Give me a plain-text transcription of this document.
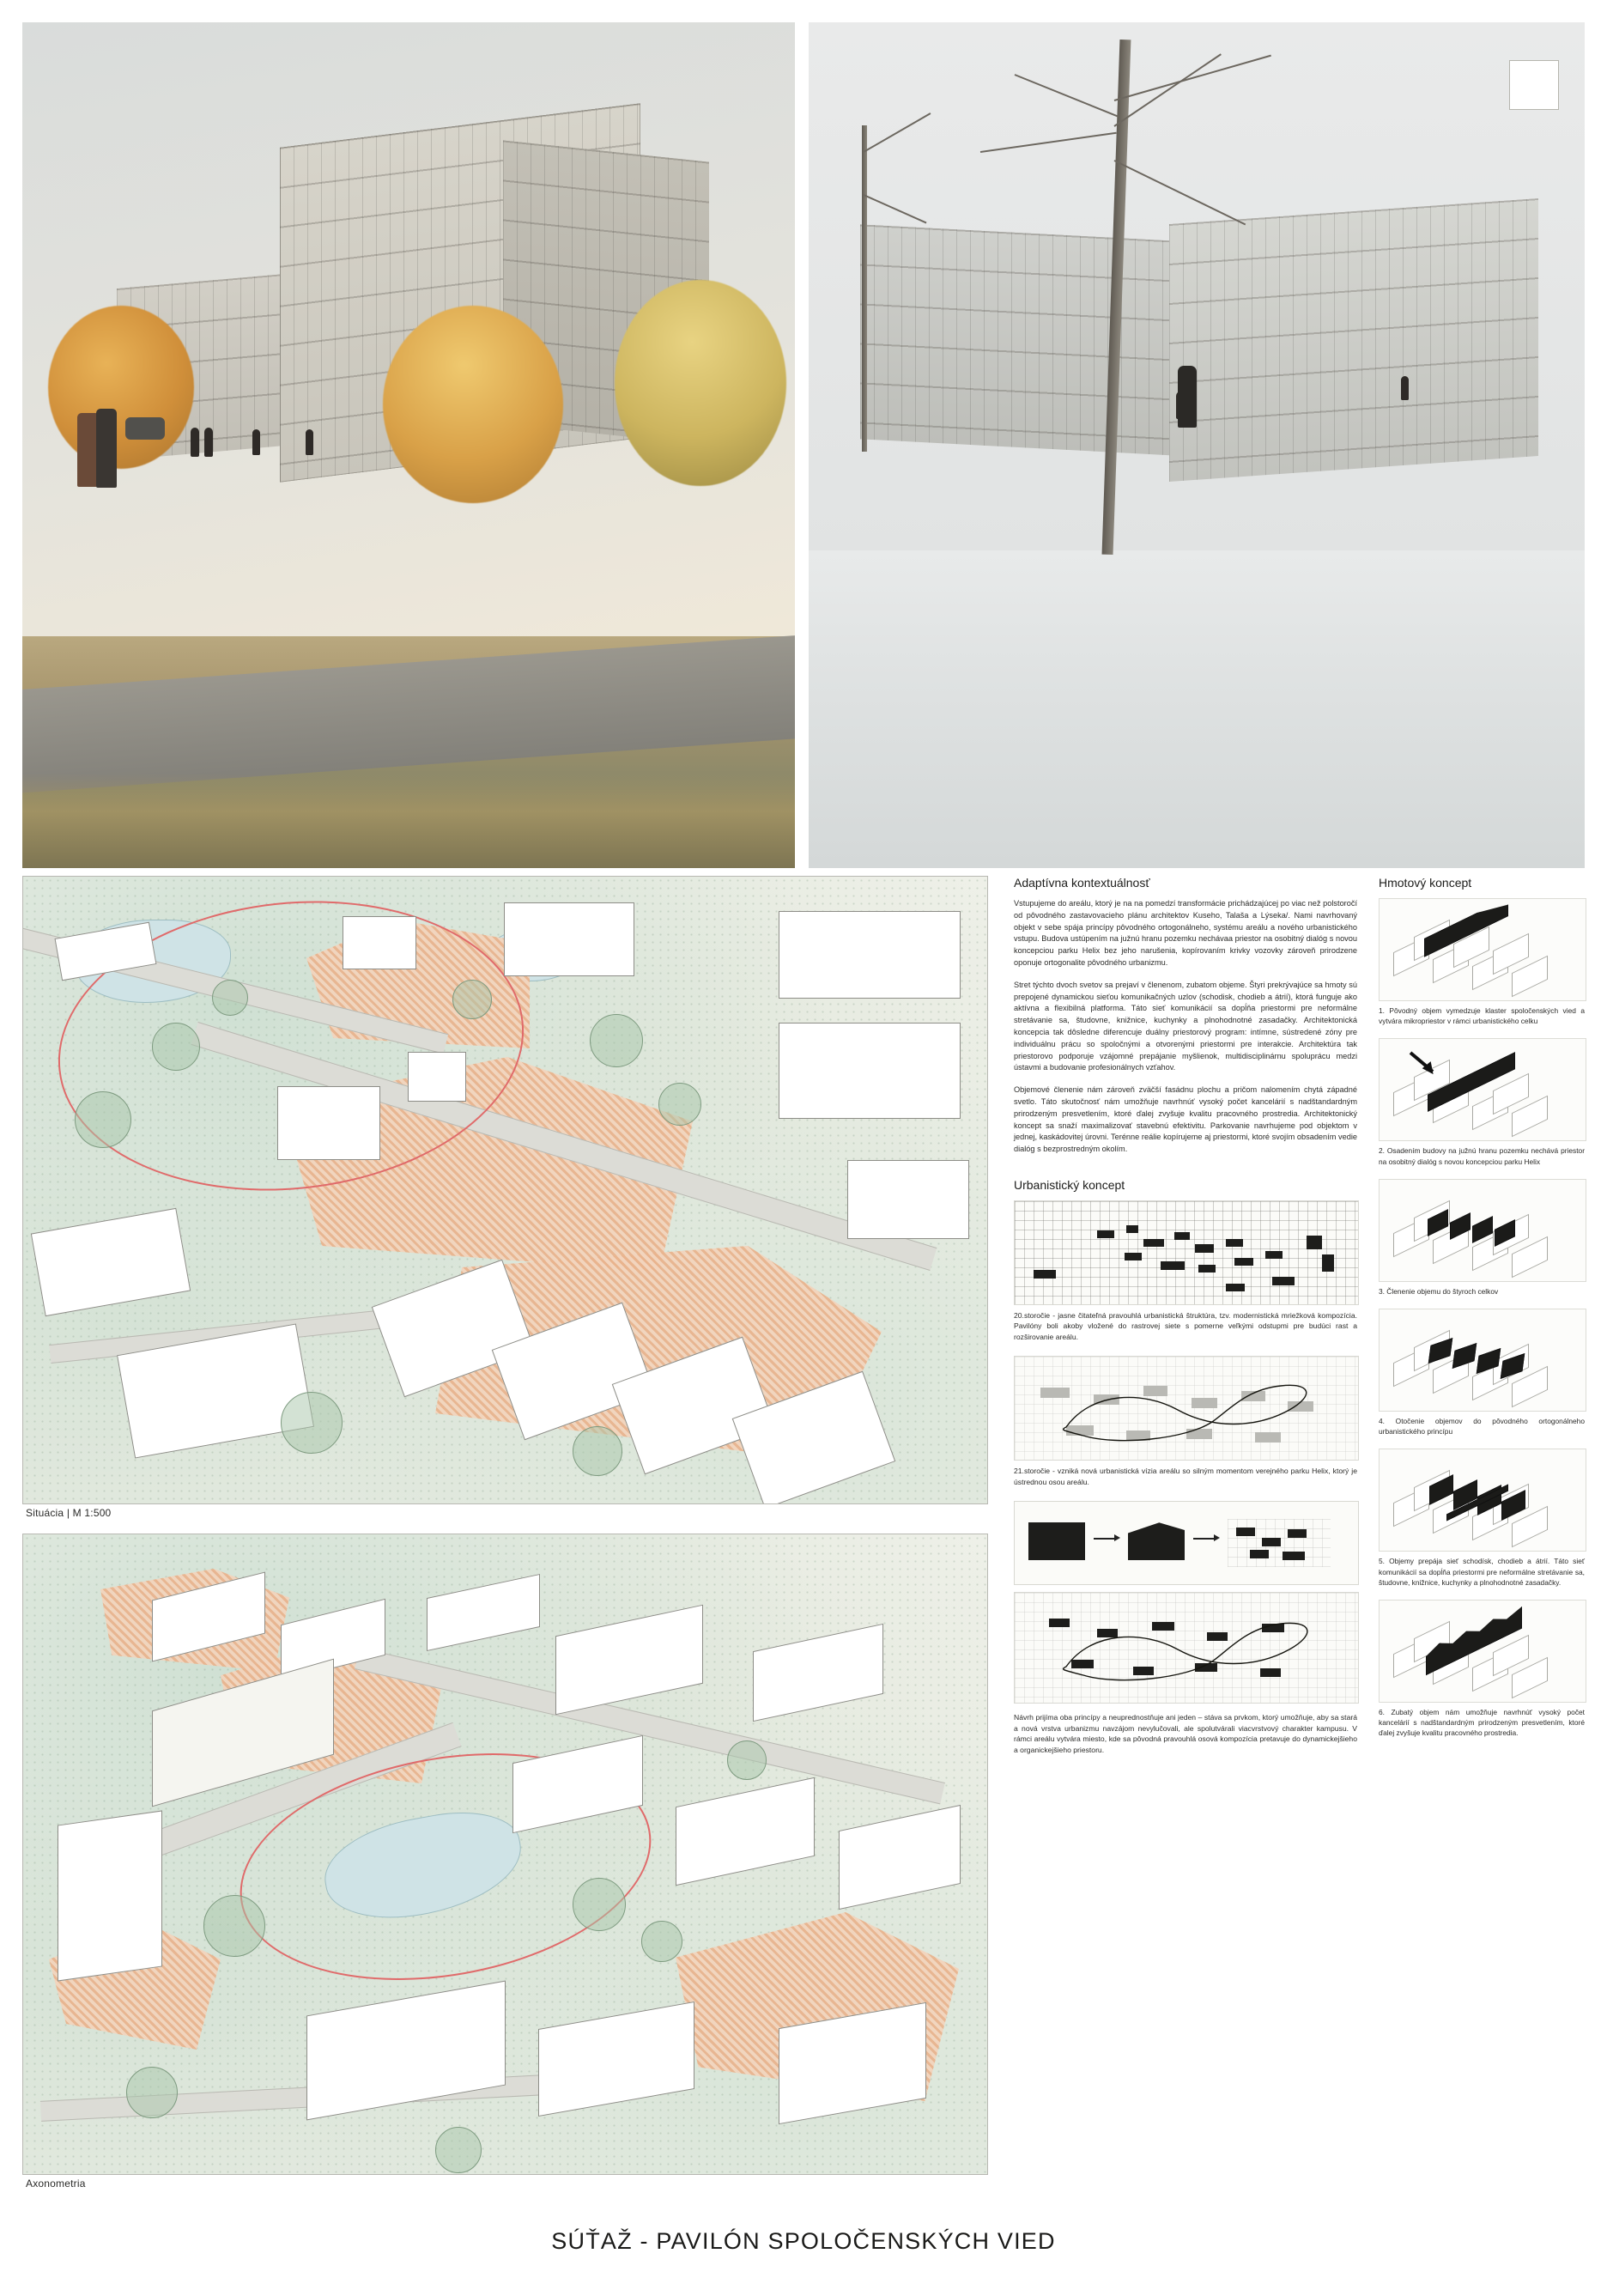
Situácia | M 1:500
Axonometria
Adaptívna kontextuálnosť

Vstupujeme do areálu, ktorý je na na pomedzí transformácie prichádzajúcej po viac než polstoročí od pôvodného zastavovacieho plánu architektov Kuseho, Talaša a Lýseka/. Nami navrhovaný objekt v sebe spája princípy pôvodného ortogonálneho, systému areálu a nového urbanistického vstupu. Budova ustúpením na južnú hranu pozemku nechávaa priestor na osobitný dialóg s novou koncepciou parku Helix bez jeho narušenia, kopírovaním krivky vozovky zároveň prirodzene oponuje ortogonalite pôvodného urbanizmu.

Stret týchto dvoch svetov sa prejaví v členenom, zubatom objeme. Štyri prekrývajúce sa hmoty sú prepojené dynamickou sieťou komunikačných uzlov (schodisk, chodieb a átrií), ktorá funguje ako aktívna a flexibilná platforma. Táto sieť komunikácií sa dopĺňa priestormi pre neformálne stretávanie sa, študovne, knižnice, kuchynky a plnohodnotné zasadačky. Architektonická koncepcia tak dôsledne diferencuje duálny priestorový program: intímne, sústredené zóny pre individuálnu prácu so spoločnými a otvorenými priestormi pre interakcie. Architektúra tak priestorovo podporuje vzájomné prepájanie myšlienok, multidisciplinárnu spoluprácu medzi ústavmi a budovanie profesionálnych vzťahov.

Objemové členenie nám zároveň zväčší fasádnu plochu a pričom nalomením chytá západné svetlo. Táto skutočnosť nám umožňuje navrhnúť vysoký počet kancelárií s nadštandardným prirodzeným presvetlením, ktoré ďalej zvyšuje kvalitu pracovného prostredia. Architektonický koncept sa snaží maximalizovať stavebnú efektivitu. Parkovanie navrhujeme pod objektom v jednej, kaskádovitej úrovni. Terénne reálie kopírujeme aj priestormi, ktoré svojím obsadením vedie dialóg s bezprostredným okolím.

Urbanistický koncept

20.storočie - jasne čitateľná pravouhlá urbanistická štruktúra, tzv. modernistická mriežková kompozícia. Pavilóny boli akoby vložené do rastrovej siete s pomerne veľkými odstupmi pre budúci rast a rozširovanie areálu.

21.storočie - vzniká nová urbanistická vízia areálu so silným momentom verejného parku Helix, ktorý je ústrednou osou areálu.

Návrh prijíma oba princípy a neuprednostňuje ani jeden – stáva sa prvkom, ktorý umožňuje, aby sa stará a nová vrstva urbanizmu navzájom nevylučovali, ale spolutvárali viacvrstvový charakter kampusu. V rámci areálu vytvára miesto, kde sa pôvodná pravouhlá osová kompozícia pretavuje do dynamickejšieho a organickejšieho priestoru.

Hmotový koncept
1. Pôvodný objem vymedzuje klaster spoločenských vied a vytvára mikropriestor v rámci urbanistického celku
2. Osadením budovy na južnú hranu pozemku nechává priestor na osobitný dialóg s novou koncepciou parku Helix
3. Členenie objemu do štyroch celkov
4. Otočenie objemov do pôvodného ortogonálneho urbanistického princípu
5. Objemy prepája sieť schodísk, chodieb a átrií. Táto sieť komunikácií sa dopĺňa priestormi pre neformálne stretávanie sa, študovne, knižnice, kuchynky a plnohodnotné zasadačky.
6. Zubatý objem nám umožňuje navrhnúť vysoký počet kancelárií s nadštandardným prirodzeným presvetlením, ktoré ďalej zvyšuje kvalitu pracovného prostredia.
SÚŤAŽ - PAVILÓN SPOLOČENSKÝCH VIED
